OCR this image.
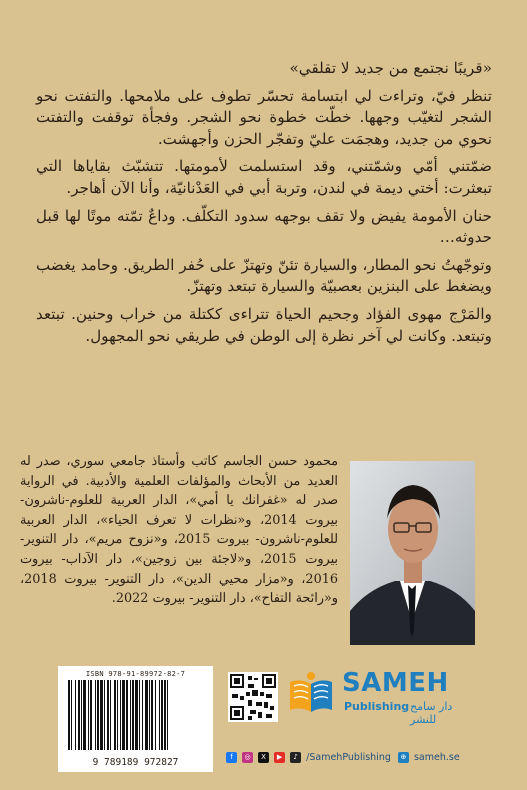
«قريبًا نجتمع من جديد لا تقلقي»

تنظر فيّ، وتراءت لي ابتسامة تحسّر تطوف على ملامحها. والتفتت نحو الشجر لتغيّب وجهها. خطّت خطوة نحو الشجر. وفجأة توقفت والتفتت نحوي من جديد، وهجمَت عليّ وتفجّر الحزن وأجهشت.

ضمّتني أمّي وشمّتني، وقد استسلمت لأمومتها. تتشبّث بقاياها التي تبعثرت: أختي ديمة في لندن، وتربة أبي في العَدْنانيّة، وأنا الآن أهاجر.

حنان الأمومة يفيض ولا تقف بوجهه سدود التكلّف. وداعٌ تمّته موتًا لها قبل حدوثه…

وتوجّهتُ نحو المطار، والسيارة تئنّ وتهتزّ على حُفر الطريق. وحامد يغضب ويضغط على البنزين بعصبيّة والسيارة تبتعد وتهتزّ.

والمَرْج مهوى الفؤاد وجحيم الحياة تتراءى ككتلة من خراب وحنين. تبتعد وتبتعد. وكانت لي آخر نظرة إلى الوطن في طريقي نحو المجهول.

محمود حسن الجاسم كاتب وأستاذ جامعي سوري، صدر له العديد من الأبحاث والمؤلفات العلمية والأدبية. في الرواية صدر له «غفرانك يا أمي»، الدار العربية للعلوم-ناشرون- بيروت 2014، و«نظرات لا تعرف الحياء»، الدار العربية للعلوم-ناشرون- بيروت 2015، و«نزوح مريم»، دار التنوير- بيروت 2015، و«لاجئة بين زوجين»، دار الآداب- بيروت 2016، و«مزار محيي الدين»، دار التنوير- بيروت 2018، و«رائحة التفاح»، دار التنوير- بيروت 2022.
ISBN 978-91-89972-82-7
9 789189 972827
SAMEH
Publishing دار سامح للنشر
f ◎ X ▶ ♪ /SamehPublishing ⊕ sameh.se
